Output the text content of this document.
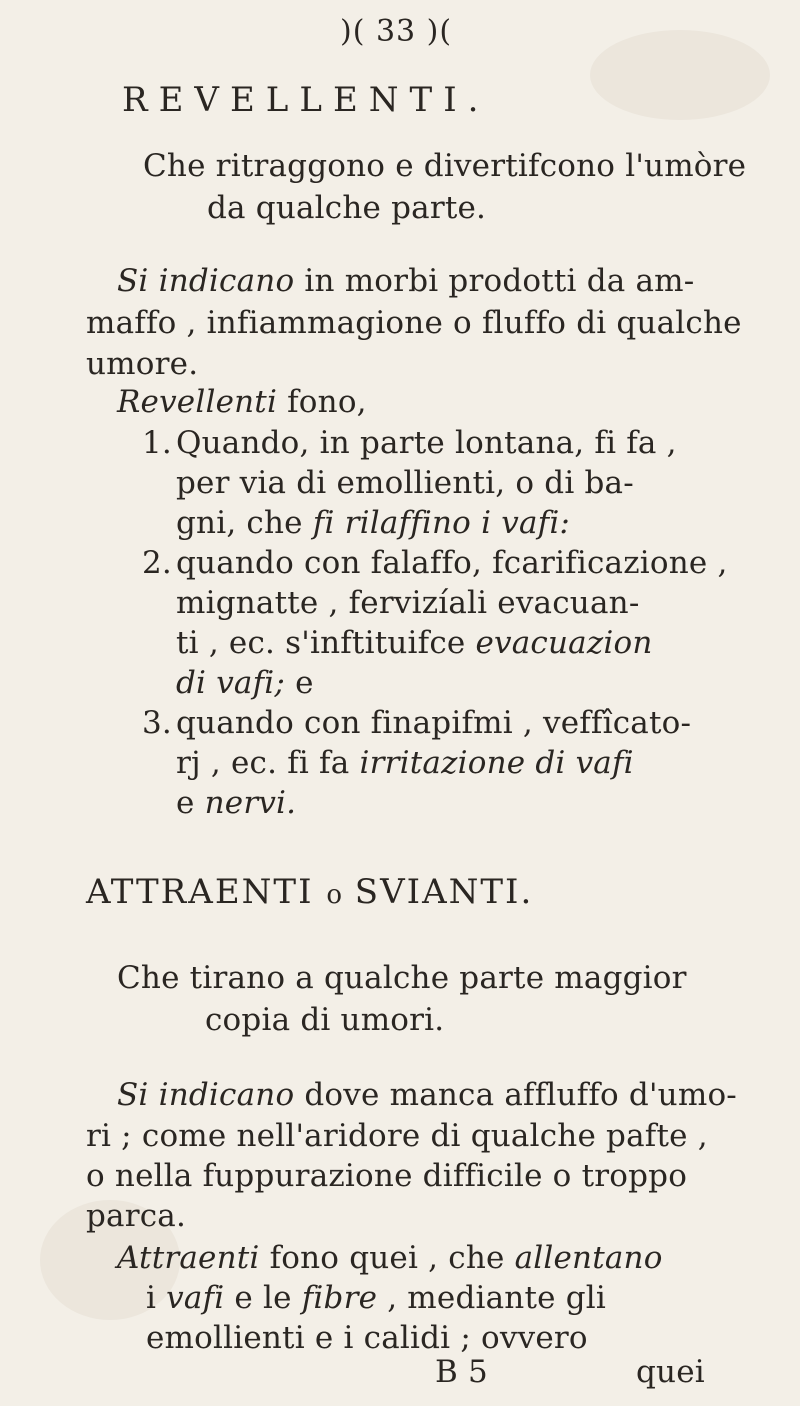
)( 33 )(
REVELLENTI.
Che ritraggono e divertifcono l'umòre
da qualche parte.
Si indicano in morbi prodotti da am-
maffo , infiammagione o fluffo di qualche
umore.
Revellenti fono,
1. Quando, in parte lontana, fi fa ,
per via di emollienti, o di ba-
gni, che fi rilaffino i vafi:
2. quando con falaffo, fcarificazione ,
mignatte , fervizíali evacuan-
ti , ec. s'inftituifce evacuazion
di vafi; e
3. quando con finapifmi , veffîcato-
rj , ec. fi fa irritazione di vafi
e nervi.
ATTRAENTI o SVIANTI.
Che tirano a qualche parte maggior
copia di umori.
Si indicano dove manca affluffo d'umo-
ri ; come nell'aridore di qualche pafte ,
o nella fuppurazione difficile o troppo
parca.
Attraenti fono quei , che allentano
i vafi e le fibre , mediante gli
emollienti e i calidi ; ovvero
B 5	quei
